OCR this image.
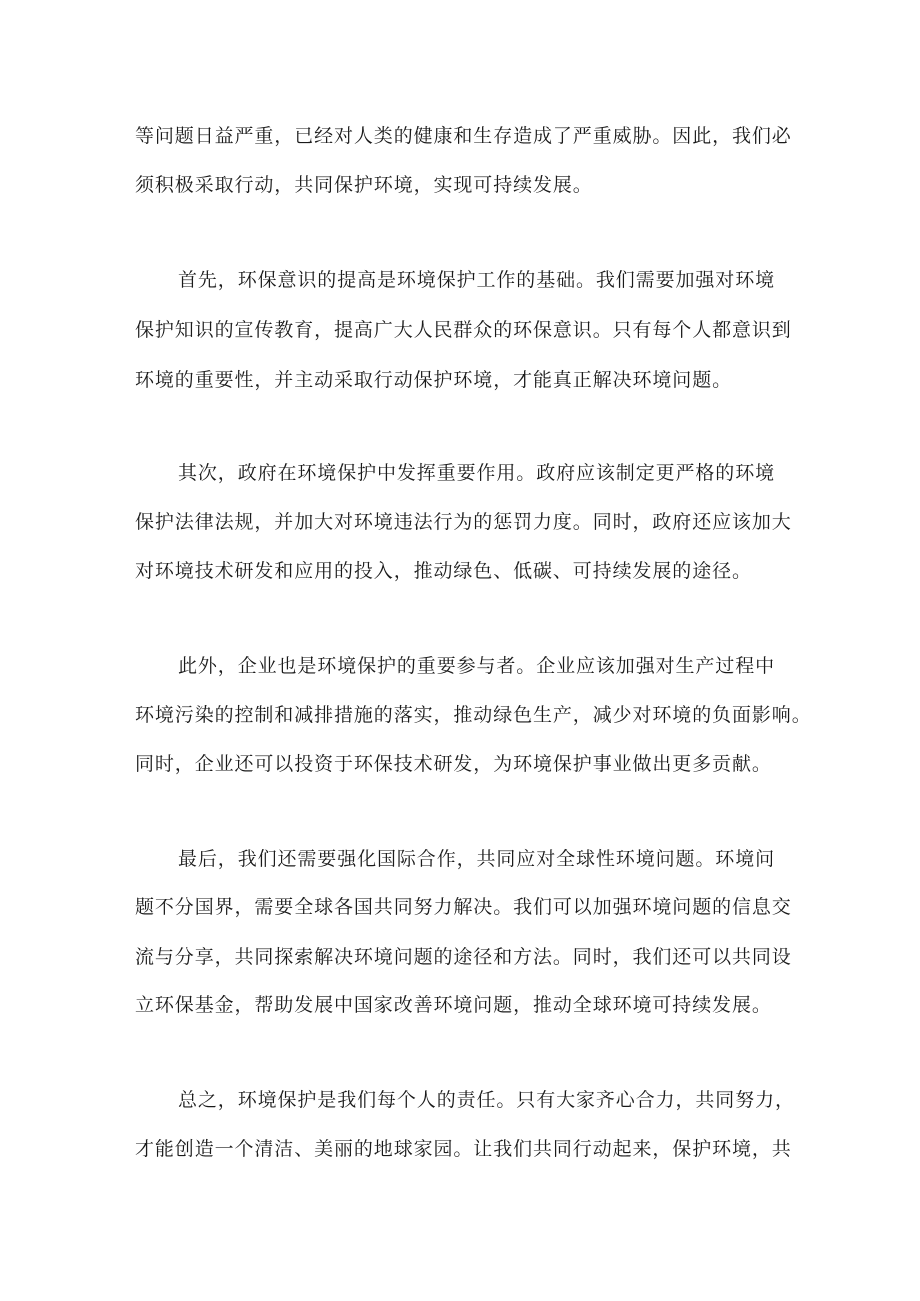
等问题日益严重，已经对人类的健康和生存造成了严重威胁。因此，我们必
须积极采取行动，共同保护环境，实现可持续发展。
首先，环保意识的提高是环境保护工作的基础。我们需要加强对环境
保护知识的宣传教育，提高广大人民群众的环保意识。只有每个人都意识到
环境的重要性，并主动采取行动保护环境，才能真正解决环境问题。
其次，政府在环境保护中发挥重要作用。政府应该制定更严格的环境
保护法律法规，并加大对环境违法行为的惩罚力度。同时，政府还应该加大
对环境技术研发和应用的投入，推动绿色、低碳、可持续发展的途径。
此外，企业也是环境保护的重要参与者。企业应该加强对生产过程中
环境污染的控制和减排措施的落实，推动绿色生产，减少对环境的负面影响。
同时，企业还可以投资于环保技术研发，为环境保护事业做出更多贡献。
最后，我们还需要强化国际合作，共同应对全球性环境问题。环境问
题不分国界，需要全球各国共同努力解决。我们可以加强环境问题的信息交
流与分享，共同探索解决环境问题的途径和方法。同时，我们还可以共同设
立环保基金，帮助发展中国家改善环境问题，推动全球环境可持续发展。
总之，环境保护是我们每个人的责任。只有大家齐心合力，共同努力，
才能创造一个清洁、美丽的地球家园。让我们共同行动起来，保护环境，共
